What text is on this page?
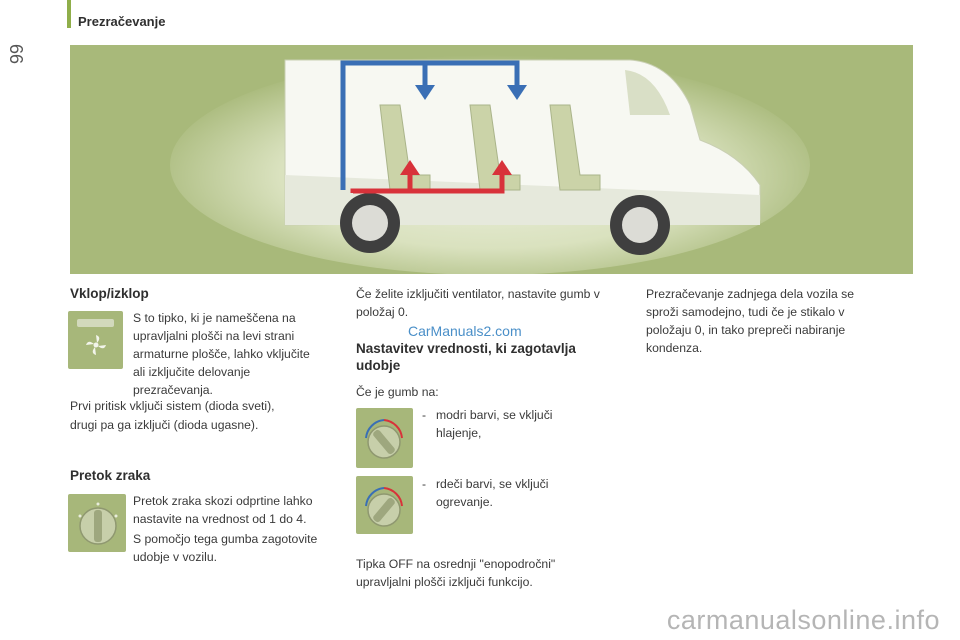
Prezračevanje
66
Vklop/izklop
S to tipko, ki je nameščena na upravljalni plošči na levi strani armaturne plošče, lahko vključite ali izključite delovanje prezračevanja.
Prvi pritisk vključi sistem (dioda sveti),
drugi pa ga izključi (dioda ugasne).
Pretok zraka
Pretok zraka skozi odprtine lahko nastavite na vrednost od 1 do 4.
S pomočjo tega gumba zagotovite udobje v vozilu.
Če želite izključiti ventilator, nastavite gumb v položaj 0.
CarManuals2.com
Nastavitev vrednosti, ki zagotavlja udobje
Če je gumb na:
- modri barvi, se vključi hlajenje,
- rdeči barvi, se vključi ogrevanje.
Tipka OFF na osrednji "enopodročni" upravljalni plošči izključi funkcijo.
Prezračevanje zadnjega dela vozila se sproži samodejno, tudi če je stikalo v položaju 0, in tako prepreči nabiranje kondenza.
carmanualsonline.info
